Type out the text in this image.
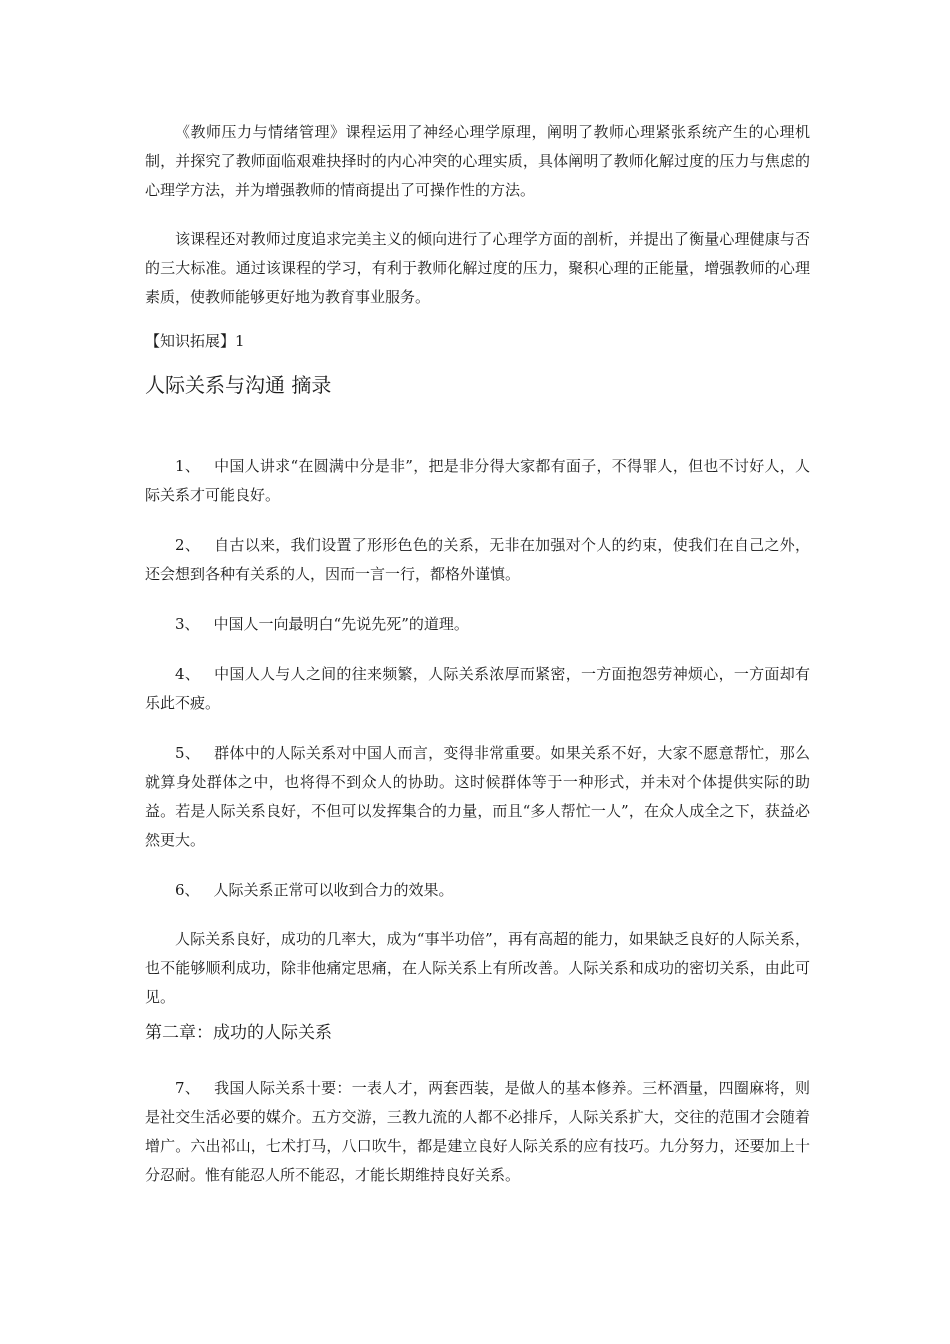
《教师压力与情绪管理》课程运用了神经心理学原理，阐明了教师心理紧张系统产生的心理机制，并探究了教师面临艰难抉择时的内心冲突的心理实质，具体阐明了教师化解过度的压力与焦虑的心理学方法，并为增强教师的情商提出了可操作性的方法。

该课程还对教师过度追求完美主义的倾向进行了心理学方面的剖析，并提出了衡量心理健康与否的三大标准。通过该课程的学习，有利于教师化解过度的压力，聚积心理的正能量，增强教师的心理素质，使教师能够更好地为教育事业服务。

【知识拓展】1

人际关系与沟通 摘录

1、 中国人讲求“在圆满中分是非”，把是非分得大家都有面子，不得罪人，但也不讨好人，人际关系才可能良好。

2、 自古以来，我们设置了形形色色的关系，无非在加强对个人的约束，使我们在自己之外，还会想到各种有关系的人，因而一言一行，都格外谨慎。

3、 中国人一向最明白“先说先死”的道理。

4、 中国人人与人之间的往来频繁，人际关系浓厚而紧密，一方面抱怨劳神烦心，一方面却有乐此不疲。

5、 群体中的人际关系对中国人而言，变得非常重要。如果关系不好，大家不愿意帮忙，那么就算身处群体之中，也将得不到众人的协助。这时候群体等于一种形式，并未对个体提供实际的助益。若是人际关系良好，不但可以发挥集合的力量，而且“多人帮忙一人”，在众人成全之下，获益必然更大。

6、 人际关系正常可以收到合力的效果。

人际关系良好，成功的几率大，成为“事半功倍”，再有高超的能力，如果缺乏良好的人际关系，也不能够顺利成功，除非他痛定思痛，在人际关系上有所改善。人际关系和成功的密切关系，由此可见。

第二章：成功的人际关系

7、 我国人际关系十要：一表人才，两套西装，是做人的基本修养。三杯酒量，四圈麻将，则是社交生活必要的媒介。五方交游，三教九流的人都不必排斥，人际关系扩大，交往的范围才会随着增广。六出祁山，七术打马，八口吹牛，都是建立良好人际关系的应有技巧。九分努力，还要加上十分忍耐。惟有能忍人所不能忍，才能长期维持良好关系。
